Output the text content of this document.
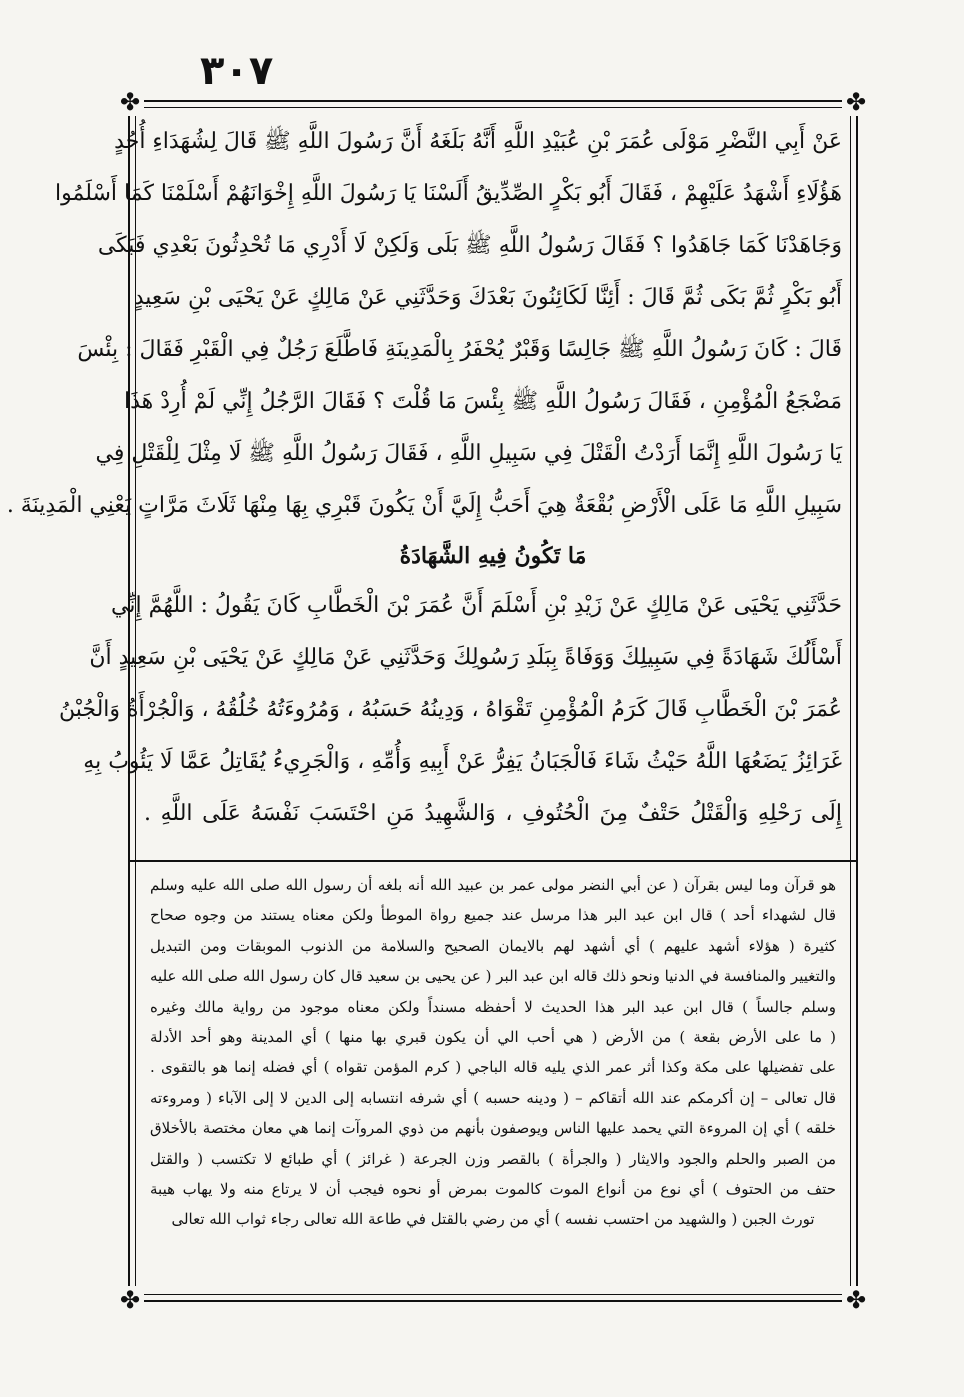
٣٠٧
✤	✤
✤	✤
عَنْ أَبِي النَّضْرِ مَوْلَى عُمَرَ بْنِ عُبَيْدِ اللَّهِ أَنَّهُ بَلَغَهُ أَنَّ رَسُولَ اللَّهِ ﷺ قَالَ لِشُهَدَاءِ أُحُدٍ
هَؤُلَاءِ أَشْهَدُ عَلَيْهِمْ ، فَقَالَ أَبُو بَكْرٍ الصِّدِّيقُ أَلَسْنَا يَا رَسُولَ اللَّهِ إِخْوَانَهُمْ أَسْلَمْنَا كَمَا أَسْلَمُوا
وَجَاهَدْنَا كَمَا جَاهَدُوا ؟ فَقَالَ رَسُولُ اللَّهِ ﷺ بَلَى وَلَكِنْ لَا أَدْرِي مَا تُحْدِثُونَ بَعْدِي فَبَكَى
أَبُو بَكْرٍ ثُمَّ بَكَى ثُمَّ قَالَ : أَئِنَّا لَكَائِنُونَ بَعْدَكَ وَحَدَّثَنِي عَنْ مَالِكٍ عَنْ يَحْيَى بْنِ سَعِيدٍ
قَالَ : كَانَ رَسُولُ اللَّهِ ﷺ جَالِسًا وَقَبْرٌ يُحْفَرُ بِالْمَدِينَةِ فَاطَّلَعَ رَجُلٌ فِي الْقَبْرِ فَقَالَ : بِئْسَ
مَضْجَعُ الْمُؤْمِنِ ، فَقَالَ رَسُولُ اللَّهِ ﷺ بِئْسَ مَا قُلْتَ ؟ فَقَالَ الرَّجُلُ إِنِّي لَمْ أُرِدْ هَذَا
يَا رَسُولَ اللَّهِ إِنَّمَا أَرَدْتُ الْقَتْلَ فِي سَبِيلِ اللَّهِ ، فَقَالَ رَسُولُ اللَّهِ ﷺ لَا مِثْلَ لِلْقَتْلِ فِي
سَبِيلِ اللَّهِ مَا عَلَى الْأَرْضِ بُقْعَةٌ هِيَ أَحَبُّ إِلَيَّ أَنْ يَكُونَ قَبْرِي بِهَا مِنْهَا ثَلَاثَ مَرَّاتٍ يَعْنِي الْمَدِينَةَ .
مَا تَكُونُ فِيهِ الشَّهَادَةُ
حَدَّثَنِي يَحْيَى عَنْ مَالِكٍ عَنْ زَيْدِ بْنِ أَسْلَمَ أَنَّ عُمَرَ بْنَ الْخَطَّابِ كَانَ يَقُولُ : اللَّهُمَّ إِنِّي
أَسْأَلُكَ شَهَادَةً فِي سَبِيلِكَ وَوَفَاةً بِبَلَدِ رَسُولِكَ وَحَدَّثَنِي عَنْ مَالِكٍ عَنْ يَحْيَى بْنِ سَعِيدٍ أَنَّ
عُمَرَ بْنَ الْخَطَّابِ قَالَ كَرَمُ الْمُؤْمِنِ تَقْوَاهُ ، وَدِينُهُ حَسَبُهُ ، وَمُرُوءَتُهُ خُلُقُهُ ، وَالْجُرْأَةُ وَالْجُبْنُ
غَرَائِزُ يَضَعُهَا اللَّهُ حَيْثُ شَاءَ فَالْجَبَانُ يَفِرُّ عَنْ أَبِيهِ وَأُمِّهِ ، وَالْجَرِيءُ يُقَاتِلُ عَمَّا لَا يَئُوبُ بِهِ
إِلَى رَحْلِهِ وَالْقَتْلُ حَتْفٌ مِنَ الْحُتُوفِ ، وَالشَّهِيدُ مَنِ احْتَسَبَ نَفْسَهُ عَلَى اللَّهِ .
هو قرآن وما ليس بقرآن ( عن أبي النضر مولى عمر بن عبيد الله أنه بلغه أن رسول الله صلى الله عليه وسلم
قال لشهداء أحد ) قال ابن عبد البر هذا مرسل عند جميع رواة الموطأ ولكن معناه يستند من وجوه صحاح
كثيرة ( هؤلاء أشهد عليهم ) أي أشهد لهم بالايمان الصحيح والسلامة من الذنوب الموبقات ومن التبديل
والتغيير والمنافسة في الدنيا ونحو ذلك قاله ابن عبد البر ( عن يحيى بن سعيد قال كان رسول الله صلى الله عليه
وسلم جالساً ) قال ابن عبد البر هذا الحديث لا أحفظه مسنداً ولكن معناه موجود من رواية مالك وغيره
( ما على الأرض بقعة ) من الأرض ( هي أحب الي أن يكون قبري بها منها ) أي المدينة وهو أحد الأدلة
على تفضيلها على مكة وكذا أثر عمر الذي يليه قاله الباجي ( كرم المؤمن تقواه ) أي فضله إنما هو بالتقوى .
قال تعالى – إن أكرمكم عند الله أتقاكم – ( ودينه حسبه ) أي شرفه انتسابه إلى الدين لا إلى الآباء ( ومروءته
خلقه ) أي إن المروءة التي يحمد عليها الناس ويوصفون بأنهم من ذوي المروآت إنما هي معان مختصة بالأخلاق
من الصبر والحلم والجود والايثار ( والجرأة ) بالقصر وزن الجرعة ( غرائز ) أي طبائع لا تكتسب ( والقتل
حتف من الحتوف ) أي نوع من أنواع الموت كالموت بمرض أو نحوه فيجب أن لا يرتاع منه ولا يهاب هيبة
تورث الجبن ( والشهيد من احتسب نفسه ) أي من رضي بالقتل في طاعة الله تعالى رجاء ثواب الله تعالى
